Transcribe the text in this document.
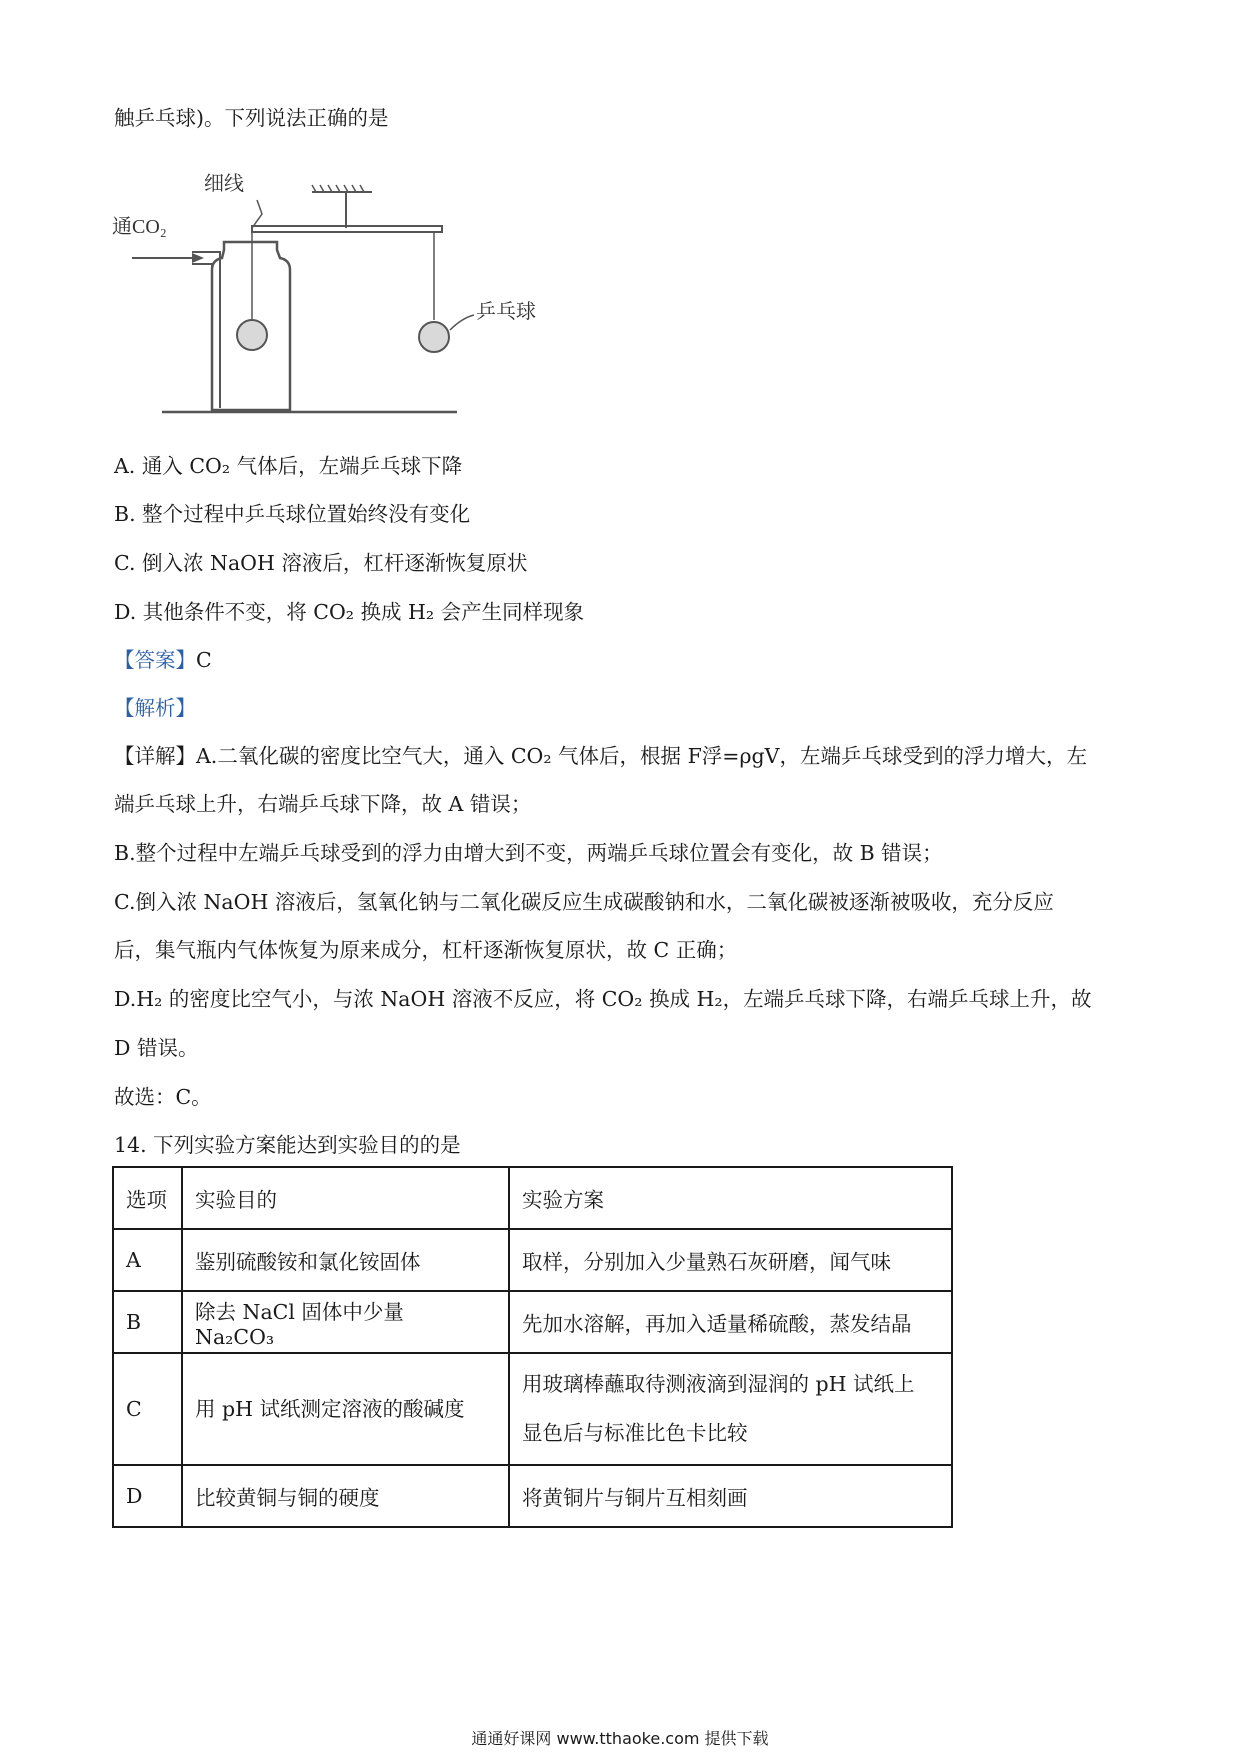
触乒乓球)。下列说法正确的是
细线
通CO₂
乒乓球
A. 通入 CO₂ 气体后，左端乒乓球下降
B. 整个过程中乒乓球位置始终没有变化
C. 倒入浓 NaOH 溶液后，杠杆逐渐恢复原状
D. 其他条件不变，将 CO₂ 换成 H₂ 会产生同样现象
【答案】C
【解析】
【详解】A.二氧化碳的密度比空气大，通入 CO₂ 气体后，根据 F浮=ρgV，左端乒乓球受到的浮力增大，左
端乒乓球上升，右端乒乓球下降，故 A 错误；
B.整个过程中左端乒乓球受到的浮力由增大到不变，两端乒乓球位置会有变化，故 B 错误；
C.倒入浓 NaOH 溶液后，氢氧化钠与二氧化碳反应生成碳酸钠和水，二氧化碳被逐渐被吸收，充分反应
后，集气瓶内气体恢复为原来成分，杠杆逐渐恢复原状，故 C 正确；
D.H₂ 的密度比空气小，与浓 NaOH 溶液不反应，将 CO₂ 换成 H₂，左端乒乓球下降，右端乒乓球上升，故
D 错误。
故选：C。
14. 下列实验方案能达到实验目的的是
选项	实验目的	实验方案
A	鉴别硫酸铵和氯化铵固体	取样，分别加入少量熟石灰研磨，闻气味
B	除去 NaCl 固体中少量　Na₂CO₃	先加水溶解，再加入适量稀硫酸，蒸发结晶
C	用 pH 试纸测定溶液的酸碱度	用玻璃棒蘸取待测液滴到湿润的 pH 试纸上
显色后与标准比色卡比较

D	比较黄铜与铜的硬度	将黄铜片与铜片互相刻画
通通好课网 www.tthaoke.com 提供下载
